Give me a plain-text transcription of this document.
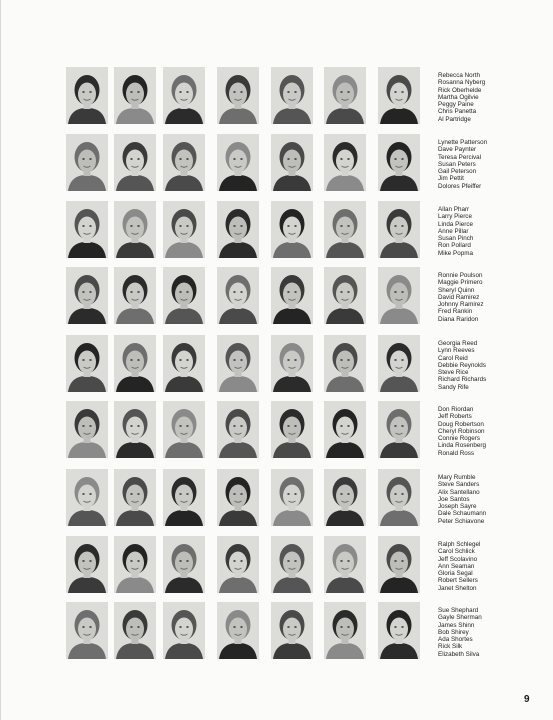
Rebecca North
Rosanna Nyberg
Rick Oberhelde
Martha Ogilvie
Peggy Paine
Chris Panetta
Al Partridge
Lynette Patterson
Dave Paynter
Teresa Percival
Susan Peters
Gail Peterson
Jim Pettit
Dolores Pfeiffer
Allan Pharr
Larry Pierce
Linda Pierce
Anne Pillar
Susan Pinch
Ron Pollard
Mike Popma
Ronnie Poulson
Maggie Primero
Sheryl Quinn
David Ramirez
Johnny Ramirez
Fred Rankin
Diana Raridon
Georgia Reed
Lynn Reeves
Carol Reid
Debbie Reynolds
Steve Rice
Richard Richards
Sandy Rife
Don Riordan
Jeff Roberts
Doug Robertson
Cheryl Robinson
Connie Rogers
Linda Rosenberg
Ronald Ross
Mary Rumble
Steve Sanders
Alix Santellano
Joe Santos
Joseph Sayre
Dale Schaumann
Peter Schiavone
Ralph Schlegel
Carol Schlick
Jeff Scolavino
Ann Seaman
Gloria Segal
Robert Sellers
Janet Shelton
Sue Shephard
Gayle Sherman
James Shinn
Bob Shirey
Ada Shortes
Rick Silk
Elizabeth Silva
9
